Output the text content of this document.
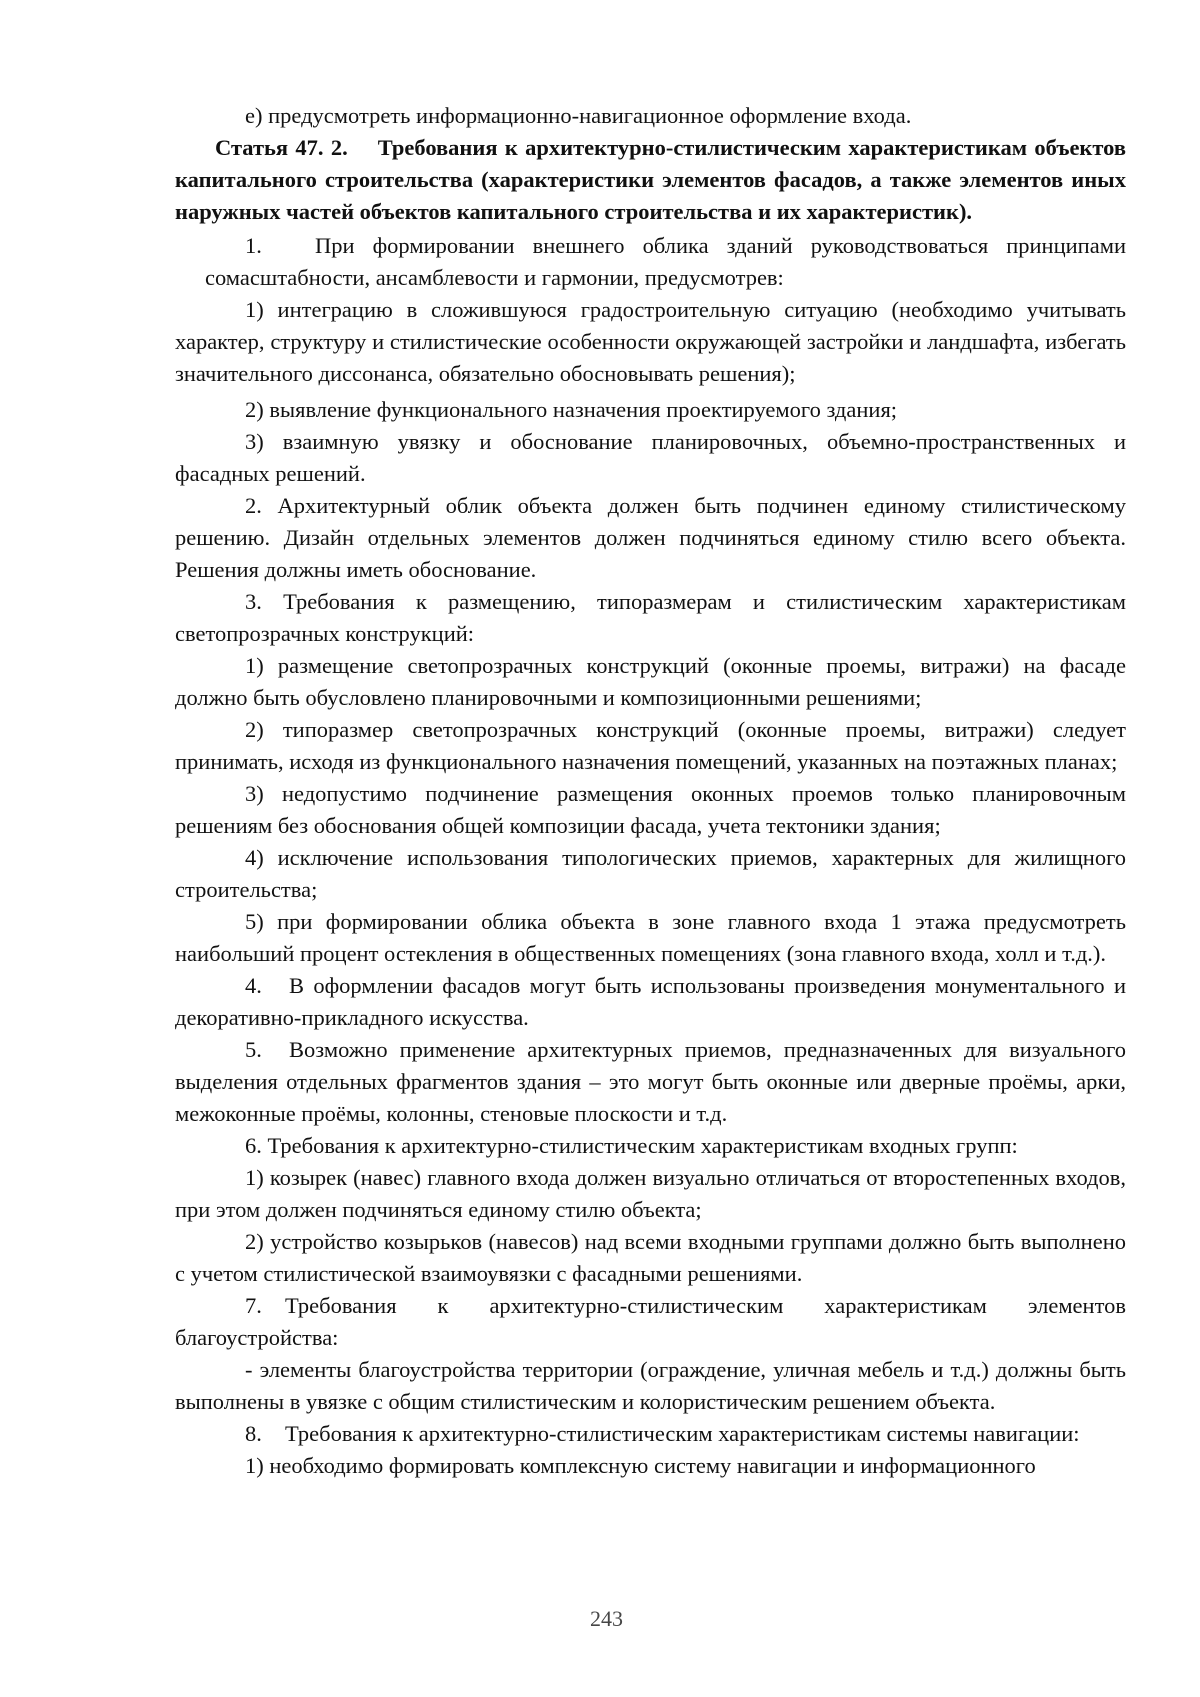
е) предусмотреть информационно-навигационное оформление входа.

Статья 47. 2. Требования к архитектурно-стилистическим характеристикам объектов капитального строительства (характеристики элементов фасадов, а также элементов иных наружных частей объектов капитального строительства и их характеристик).

1. При формировании внешнего облика зданий руководствоваться принципами сомасштабности, ансамблевости и гармонии, предусмотрев:

1) интеграцию в сложившуюся градостроительную ситуацию (необходимо учитывать характер, структуру и стилистические особенности окружающей застройки и ландшафта, избегать значительного диссонанса, обязательно обосновывать решения);

2) выявление функционального назначения проектируемого здания;

3) взаимную увязку и обоснование планировочных, объемно-пространственных и фасадных решений.

2. Архитектурный облик объекта должен быть подчинен единому стилистическому решению. Дизайн отдельных элементов должен подчиняться единому стилю всего объекта. Решения должны иметь обоснование.

3. Требования к размещению, типоразмерам и стилистическим характеристикам светопрозрачных конструкций:

1) размещение светопрозрачных конструкций (оконные проемы, витражи) на фасаде должно быть обусловлено планировочными и композиционными решениями;

2) типоразмер светопрозрачных конструкций (оконные проемы, витражи) следует принимать, исходя из функционального назначения помещений, указанных на поэтажных планах;

3) недопустимо подчинение размещения оконных проемов только планировочным решениям без обоснования общей композиции фасада, учета тектоники здания;

4) исключение использования типологических приемов, характерных для жилищного строительства;

5) при формировании облика объекта в зоне главного входа 1 этажа предусмотреть наибольший процент остекления в общественных помещениях (зона главного входа, холл и т.д.).

4. В оформлении фасадов могут быть использованы произведения монументального и декоративно-прикладного искусства.

5. Возможно применение архитектурных приемов, предназначенных для визуального выделения отдельных фрагментов здания – это могут быть оконные или дверные проёмы, арки, межоконные проёмы, колонны, стеновые плоскости и т.д.

6. Требования к архитектурно-стилистическим характеристикам входных групп:

1) козырек (навес) главного входа должен визуально отличаться от второстепенных входов, при этом должен подчиняться единому стилю объекта;

2) устройство козырьков (навесов) над всеми входными группами должно быть выполнено с учетом стилистической взаимоувязки с фасадными решениями.

7. Требования к архитектурно-стилистическим характеристикам элементов благоустройства:

- элементы благоустройства территории (ограждение, уличная мебель и т.д.) должны быть выполнены в увязке с общим стилистическим и колористическим решением объекта.

8. Требования к архитектурно-стилистическим характеристикам системы навигации:

1) необходимо формировать комплексную систему навигации и информационного

243
